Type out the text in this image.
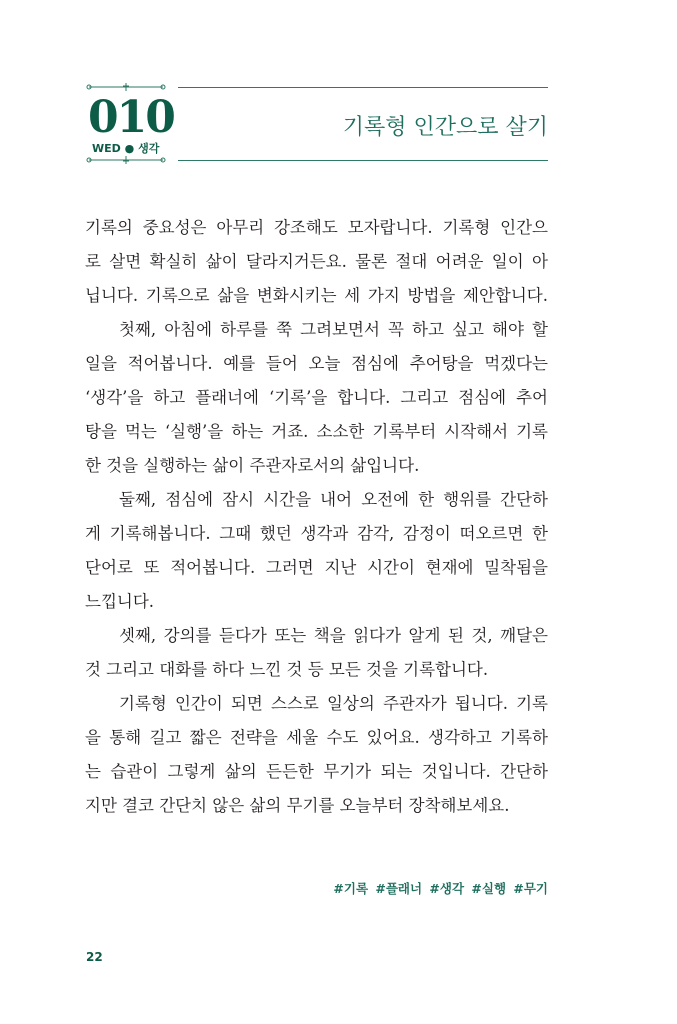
010
WED ● 생각
기록형 인간으로 살기
기록의 중요성은 아무리 강조해도 모자랍니다. 기록형 인간으
로 살면 확실히 삶이 달라지거든요. 물론 절대 어려운 일이 아
닙니다. 기록으로 삶을 변화시키는 세 가지 방법을 제안합니다.
첫째, 아침에 하루를 쭉 그려보면서 꼭 하고 싶고 해야 할
일을 적어봅니다. 예를 들어 오늘 점심에 추어탕을 먹겠다는
‘생각’을 하고 플래너에 ‘기록’을 합니다. 그리고 점심에 추어
탕을 먹는 ‘실행’을 하는 거죠. 소소한 기록부터 시작해서 기록
한 것을 실행하는 삶이 주관자로서의 삶입니다.
둘째, 점심에 잠시 시간을 내어 오전에 한 행위를 간단하
게 기록해봅니다. 그때 했던 생각과 감각, 감정이 떠오르면 한
단어로 또 적어봅니다. 그러면 지난 시간이 현재에 밀착됨을
느낍니다.
셋째, 강의를 듣다가 또는 책을 읽다가 알게 된 것, 깨달은
것 그리고 대화를 하다 느낀 것 등 모든 것을 기록합니다.
기록형 인간이 되면 스스로 일상의 주관자가 됩니다. 기록
을 통해 길고 짧은 전략을 세울 수도 있어요. 생각하고 기록하
는 습관이 그렇게 삶의 든든한 무기가 되는 것입니다. 간단하
지만 결코 간단치 않은 삶의 무기를 오늘부터 장착해보세요.
#기록 #플래너 #생각 #실행 #무기
22
